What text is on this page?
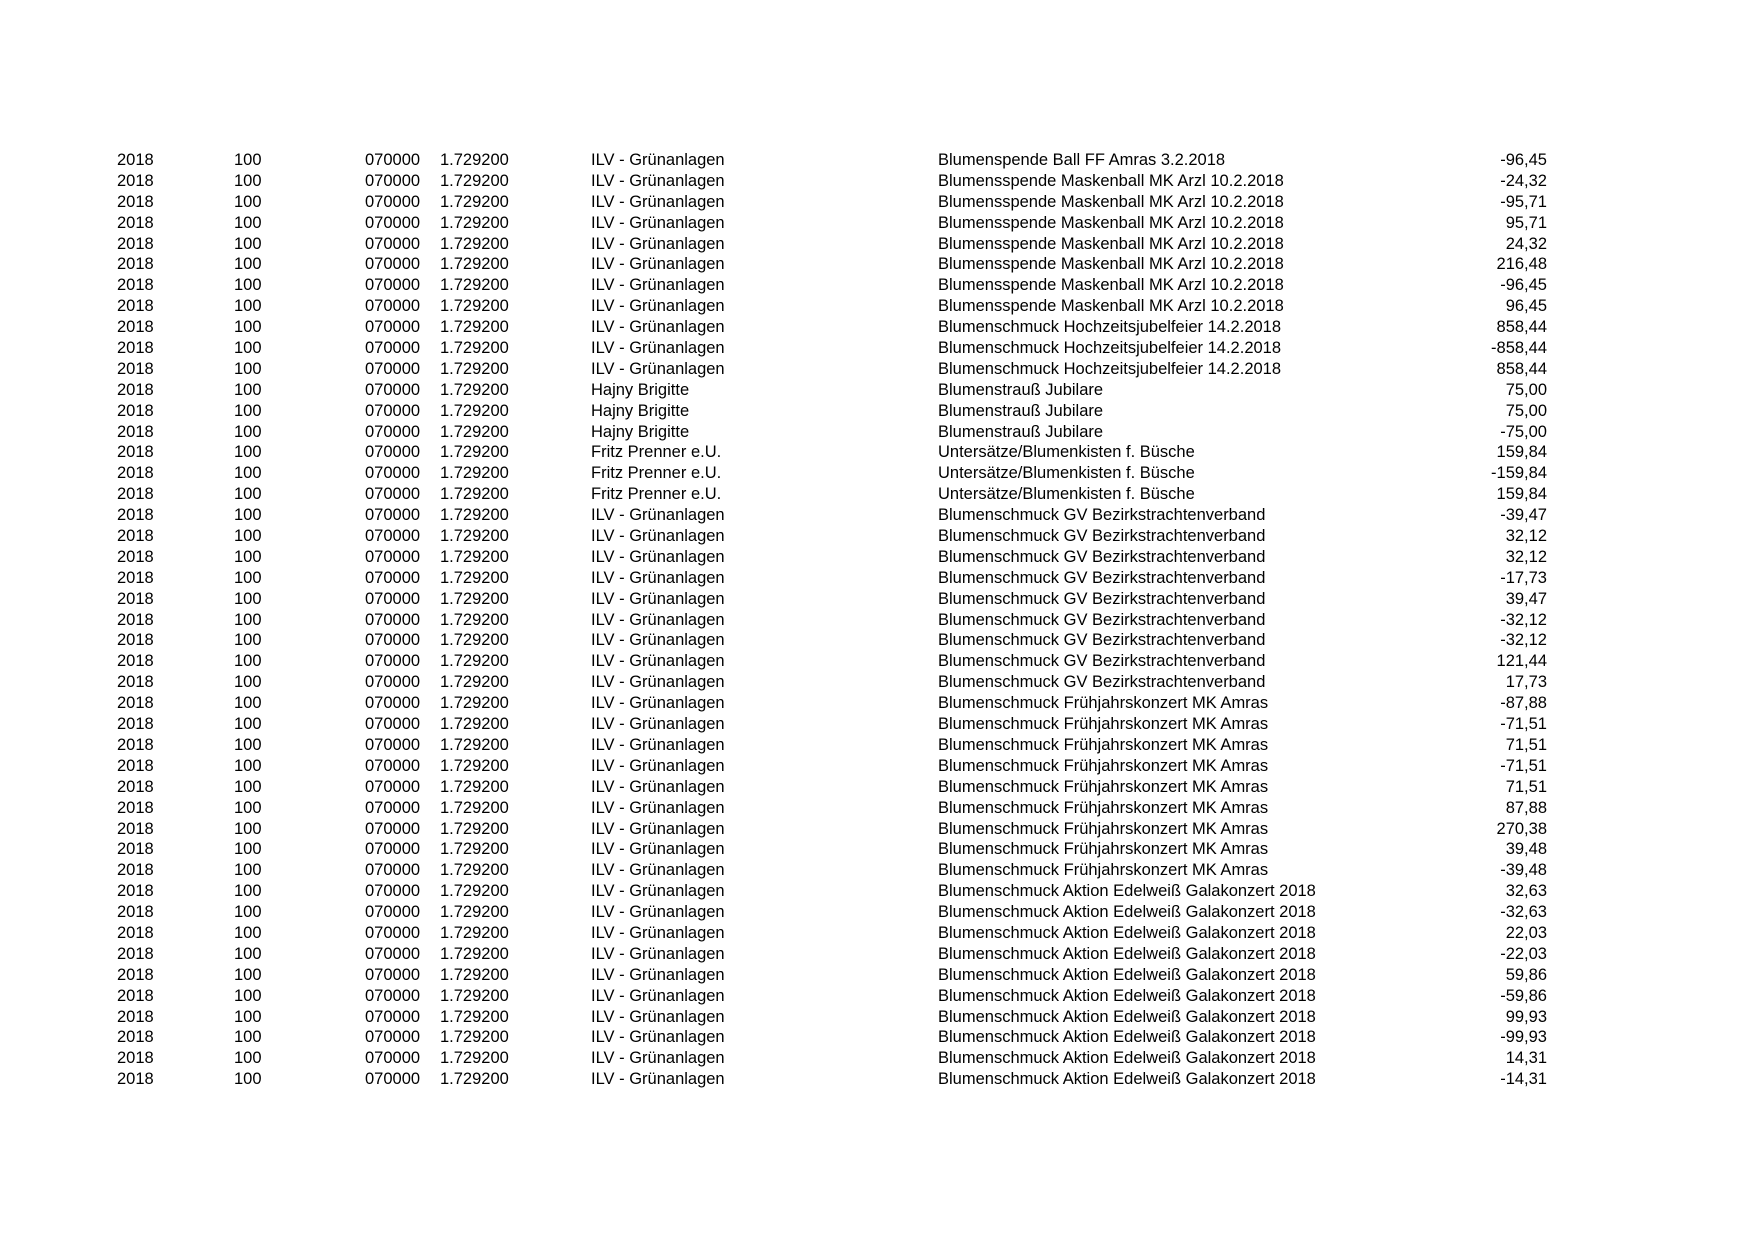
2018	100	070000 1.729200	ILV - Grünanlagen	Blumenspende Ball FF Amras 3.2.2018	-96,45
2018	100	070000 1.729200	ILV - Grünanlagen	Blumensspende Maskenball MK Arzl 10.2.2018	-24,32
2018	100	070000 1.729200	ILV - Grünanlagen	Blumensspende Maskenball MK Arzl 10.2.2018	-95,71
2018	100	070000 1.729200	ILV - Grünanlagen	Blumensspende Maskenball MK Arzl 10.2.2018	95,71
2018	100	070000 1.729200	ILV - Grünanlagen	Blumensspende Maskenball MK Arzl 10.2.2018	24,32
2018	100	070000 1.729200	ILV - Grünanlagen	Blumensspende Maskenball MK Arzl 10.2.2018	216,48
2018	100	070000 1.729200	ILV - Grünanlagen	Blumensspende Maskenball MK Arzl 10.2.2018	-96,45
2018	100	070000 1.729200	ILV - Grünanlagen	Blumensspende Maskenball MK Arzl 10.2.2018	96,45
2018	100	070000 1.729200	ILV - Grünanlagen	Blumenschmuck Hochzeitsjubelfeier 14.2.2018	858,44
2018	100	070000 1.729200	ILV - Grünanlagen	Blumenschmuck Hochzeitsjubelfeier 14.2.2018	-858,44
2018	100	070000 1.729200	ILV - Grünanlagen	Blumenschmuck Hochzeitsjubelfeier 14.2.2018	858,44
2018	100	070000 1.729200	Hajny Brigitte	Blumenstrauß Jubilare	75,00
2018	100	070000 1.729200	Hajny Brigitte	Blumenstrauß Jubilare	75,00
2018	100	070000 1.729200	Hajny Brigitte	Blumenstrauß Jubilare	-75,00
2018	100	070000 1.729200	Fritz Prenner e.U.	Untersätze/Blumenkisten f. Büsche	159,84
2018	100	070000 1.729200	Fritz Prenner e.U.	Untersätze/Blumenkisten f. Büsche	-159,84
2018	100	070000 1.729200	Fritz Prenner e.U.	Untersätze/Blumenkisten f. Büsche	159,84
2018	100	070000 1.729200	ILV - Grünanlagen	Blumenschmuck GV Bezirkstrachtenverband	-39,47
2018	100	070000 1.729200	ILV - Grünanlagen	Blumenschmuck GV Bezirkstrachtenverband	32,12
2018	100	070000 1.729200	ILV - Grünanlagen	Blumenschmuck GV Bezirkstrachtenverband	32,12
2018	100	070000 1.729200	ILV - Grünanlagen	Blumenschmuck GV Bezirkstrachtenverband	-17,73
2018	100	070000 1.729200	ILV - Grünanlagen	Blumenschmuck GV Bezirkstrachtenverband	39,47
2018	100	070000 1.729200	ILV - Grünanlagen	Blumenschmuck GV Bezirkstrachtenverband	-32,12
2018	100	070000 1.729200	ILV - Grünanlagen	Blumenschmuck GV Bezirkstrachtenverband	-32,12
2018	100	070000 1.729200	ILV - Grünanlagen	Blumenschmuck GV Bezirkstrachtenverband	121,44
2018	100	070000 1.729200	ILV - Grünanlagen	Blumenschmuck GV Bezirkstrachtenverband	17,73
2018	100	070000 1.729200	ILV - Grünanlagen	Blumenschmuck Frühjahrskonzert MK Amras	-87,88
2018	100	070000 1.729200	ILV - Grünanlagen	Blumenschmuck Frühjahrskonzert MK Amras	-71,51
2018	100	070000 1.729200	ILV - Grünanlagen	Blumenschmuck Frühjahrskonzert MK Amras	71,51
2018	100	070000 1.729200	ILV - Grünanlagen	Blumenschmuck Frühjahrskonzert MK Amras	-71,51
2018	100	070000 1.729200	ILV - Grünanlagen	Blumenschmuck Frühjahrskonzert MK Amras	71,51
2018	100	070000 1.729200	ILV - Grünanlagen	Blumenschmuck Frühjahrskonzert MK Amras	87,88
2018	100	070000 1.729200	ILV - Grünanlagen	Blumenschmuck Frühjahrskonzert MK Amras	270,38
2018	100	070000 1.729200	ILV - Grünanlagen	Blumenschmuck Frühjahrskonzert MK Amras	39,48
2018	100	070000 1.729200	ILV - Grünanlagen	Blumenschmuck Frühjahrskonzert MK Amras	-39,48
2018	100	070000 1.729200	ILV - Grünanlagen	Blumenschmuck Aktion Edelweiß Galakonzert 2018	32,63
2018	100	070000 1.729200	ILV - Grünanlagen	Blumenschmuck Aktion Edelweiß Galakonzert 2018	-32,63
2018	100	070000 1.729200	ILV - Grünanlagen	Blumenschmuck Aktion Edelweiß Galakonzert 2018	22,03
2018	100	070000 1.729200	ILV - Grünanlagen	Blumenschmuck Aktion Edelweiß Galakonzert 2018	-22,03
2018	100	070000 1.729200	ILV - Grünanlagen	Blumenschmuck Aktion Edelweiß Galakonzert 2018	59,86
2018	100	070000 1.729200	ILV - Grünanlagen	Blumenschmuck Aktion Edelweiß Galakonzert 2018	-59,86
2018	100	070000 1.729200	ILV - Grünanlagen	Blumenschmuck Aktion Edelweiß Galakonzert 2018	99,93
2018	100	070000 1.729200	ILV - Grünanlagen	Blumenschmuck Aktion Edelweiß Galakonzert 2018	-99,93
2018	100	070000 1.729200	ILV - Grünanlagen	Blumenschmuck Aktion Edelweiß Galakonzert 2018	14,31
2018	100	070000 1.729200	ILV - Grünanlagen	Blumenschmuck Aktion Edelweiß Galakonzert 2018	-14,31
